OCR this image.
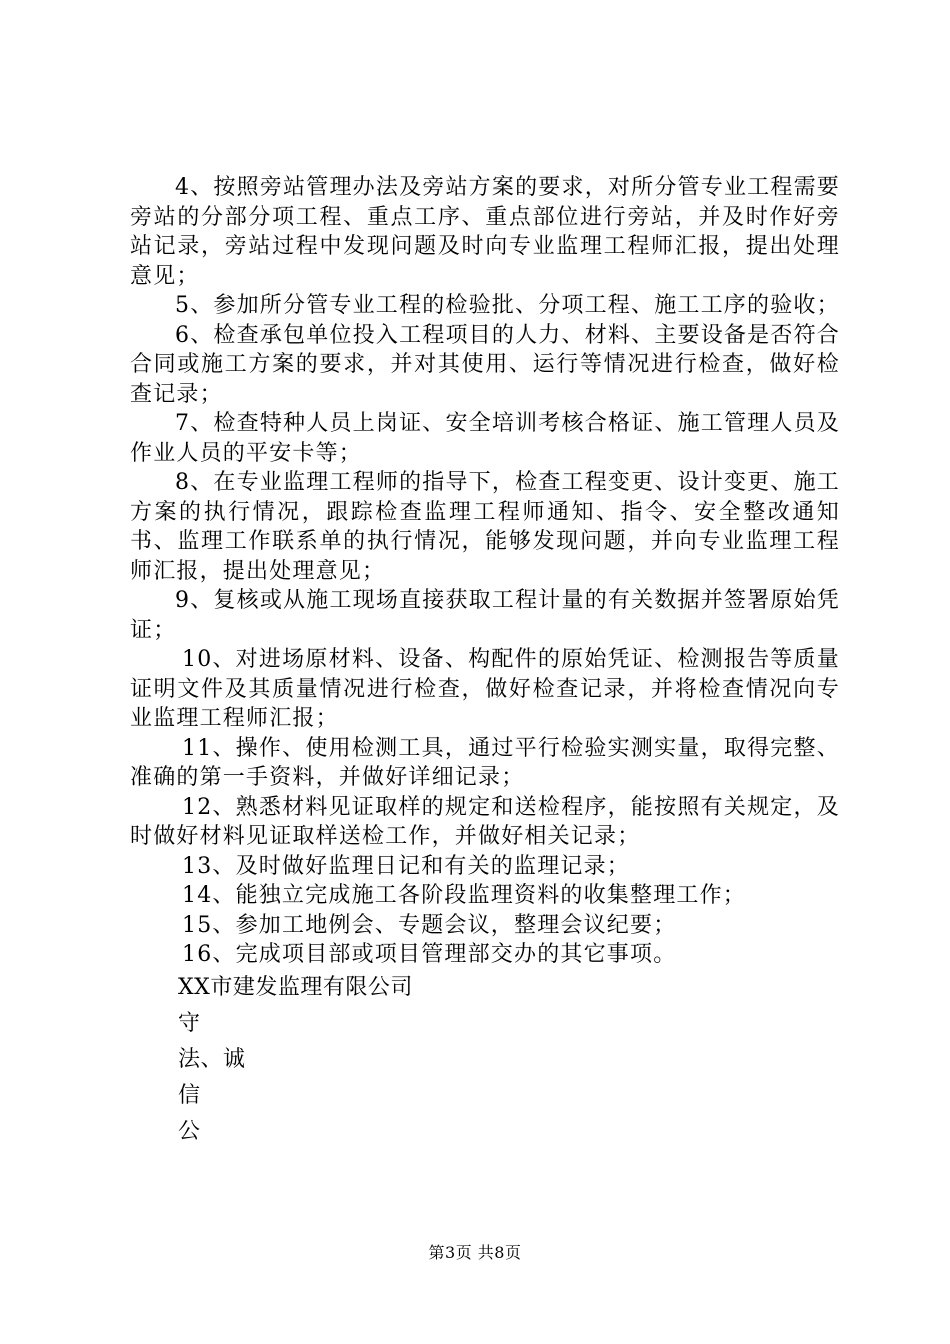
4、按照旁站管理办法及旁站方案的要求，对所分管专业工程需要旁站的分部分项工程、重点工序、重点部位进行旁站，并及时作好旁站记录，旁站过程中发现问题及时向专业监理工程师汇报，提出处理意见；

5、参加所分管专业工程的检验批、分项工程、施工工序的验收；

6、检查承包单位投入工程项目的人力、材料、主要设备是否符合合同或施工方案的要求，并对其使用、运行等情况进行检查，做好检查记录；

7、检查特种人员上岗证、安全培训考核合格证、施工管理人员及作业人员的平安卡等；

8、在专业监理工程师的指导下，检查工程变更、设计变更、施工方案的执行情况，跟踪检查监理工程师通知、指令、安全整改通知书、监理工作联系单的执行情况，能够发现问题，并向专业监理工程师汇报，提出处理意见；

9、复核或从施工现场直接获取工程计量的有关数据并签署原始凭证；

10、对进场原材料、设备、构配件的原始凭证、检测报告等质量证明文件及其质量情况进行检查，做好检查记录，并将检查情况向专业监理工程师汇报；

11、操作、使用检测工具，通过平行检验实测实量，取得完整、准确的第一手资料，并做好详细记录；

12、熟悉材料见证取样的规定和送检程序，能按照有关规定，及时做好材料见证取样送检工作，并做好相关记录；

13、及时做好监理日记和有关的监理记录；

14、能独立完成施工各阶段监理资料的收集整理工作；

15、参加工地例会、专题会议，整理会议纪要；

16、完成项目部或项目管理部交办的其它事项。

XX市建发监理有限公司

守

法、诚

信

公

第3页 共8页
